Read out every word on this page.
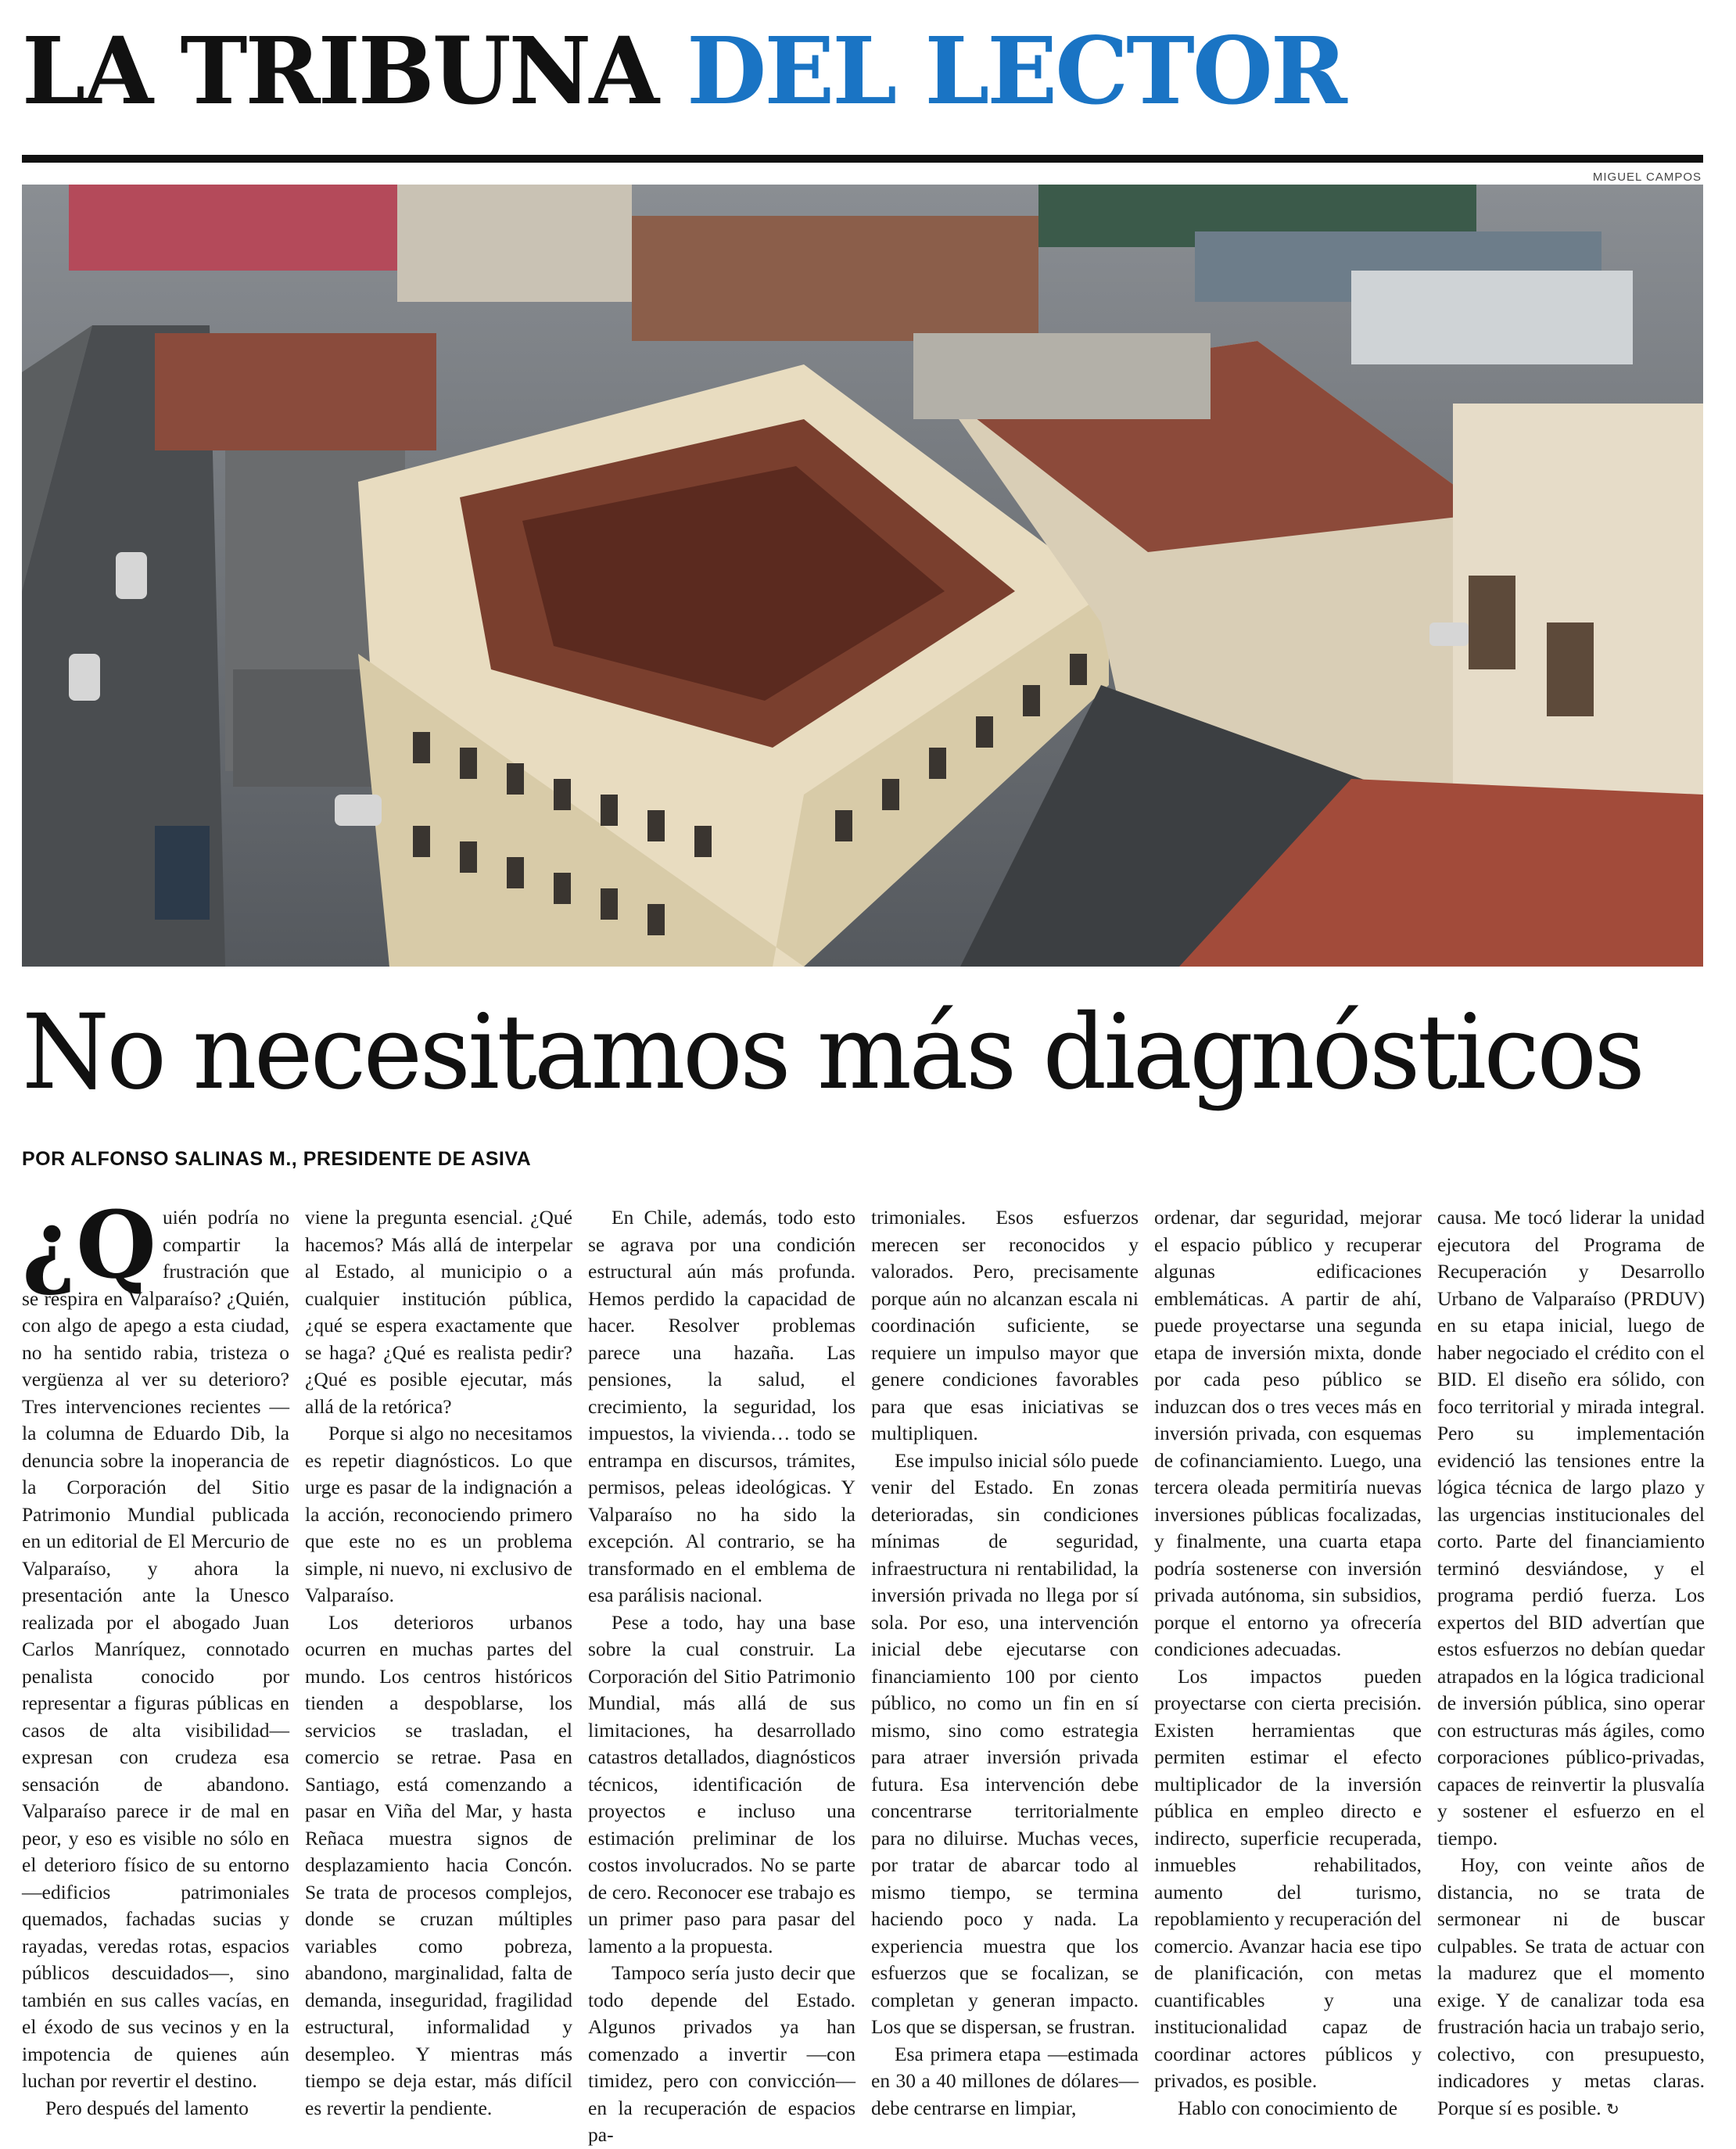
LA TRIBUNA DEL LECTOR
MIGUEL CAMPOS
No necesitamos más diagnósticos
POR ALFONSO SALINAS M., PRESIDENTE DE ASIVA

¿Q uién podría no compartir la frustración que se respira en Valparaíso? ¿Quién, con algo de apego a esta ciudad, no ha sentido rabia, tristeza o vergüenza al ver su deterioro? Tres intervenciones recientes —la columna de Eduardo Dib, la denuncia sobre la inoperancia de la Corporación del Sitio Patrimonio Mundial publicada en un editorial de El Mercurio de Valparaíso, y ahora la presentación ante la Unesco realizada por el abogado Juan Carlos Manríquez, connotado penalista conocido por representar a figuras públicas en casos de alta visibilidad— expresan con crudeza esa sensación de abandono. Valparaíso parece ir de mal en peor, y eso es visible no sólo en el deterioro físico de su entorno —edificios patrimoniales quemados, fachadas sucias y rayadas, veredas rotas, espacios públicos descuidados—, sino también en sus calles vacías, en el éxodo de sus vecinos y en la impotencia de quienes aún luchan por revertir el destino.

Pero después del lamento

viene la pregunta esencial. ¿Qué hacemos? Más allá de interpelar al Estado, al municipio o a cualquier institución pública, ¿qué se espera exactamente que se haga? ¿Qué es realista pedir? ¿Qué es posible ejecutar, más allá de la retórica?

Porque si algo no necesitamos es repetir diagnósticos. Lo que urge es pasar de la indignación a la acción, reconociendo primero que este no es un problema simple, ni nuevo, ni exclusivo de Valparaíso.

Los deterioros urbanos ocurren en muchas partes del mundo. Los centros históricos tienden a despoblarse, los servicios se trasladan, el comercio se retrae. Pasa en Santiago, está comenzando a pasar en Viña del Mar, y hasta Reñaca muestra signos de desplazamiento hacia Concón. Se trata de procesos complejos, donde se cruzan múltiples variables como pobreza, abandono, marginalidad, falta de demanda, inseguridad, fragilidad estructural, informalidad y desempleo. Y mientras más tiempo se deja estar, más difícil es revertir la pendiente.

En Chile, además, todo esto se agrava por una condición estructural aún más profunda. Hemos perdido la capacidad de hacer. Resolver problemas parece una hazaña. Las pensiones, la salud, el crecimiento, la seguridad, los impuestos, la vivienda… todo se entrampa en discursos, trámites, permisos, peleas ideológicas. Y Valparaíso no ha sido la excepción. Al contrario, se ha transformado en el emblema de esa parálisis nacional.

Pese a todo, hay una base sobre la cual construir. La Corporación del Sitio Patrimonio Mundial, más allá de sus limitaciones, ha desarrollado catastros detallados, diagnósticos técnicos, identificación de proyectos e incluso una estimación preliminar de los costos involucrados. No se parte de cero. Reconocer ese trabajo es un primer paso para pasar del lamento a la propuesta.

Tampoco sería justo decir que todo depende del Estado. Algunos privados ya han comenzado a invertir —con timidez, pero con convicción— en la recuperación de espacios pa-

trimoniales. Esos esfuerzos merecen ser reconocidos y valorados. Pero, precisamente porque aún no alcanzan escala ni coordinación suficiente, se requiere un impulso mayor que genere condiciones favorables para que esas iniciativas se multipliquen.

Ese impulso inicial sólo puede venir del Estado. En zonas deterioradas, sin condiciones mínimas de seguridad, infraestructura ni rentabilidad, la inversión privada no llega por sí sola. Por eso, una intervención inicial debe ejecutarse con financiamiento 100 por ciento público, no como un fin en sí mismo, sino como estrategia para atraer inversión privada futura. Esa intervención debe concentrarse territorialmente para no diluirse. Muchas veces, por tratar de abarcar todo al mismo tiempo, se termina haciendo poco y nada. La experiencia muestra que los esfuerzos que se focalizan, se completan y generan impacto. Los que se dispersan, se frustran.

Esa primera etapa —estimada en 30 a 40 millones de dólares— debe centrarse en limpiar,

ordenar, dar seguridad, mejorar el espacio público y recuperar algunas edificaciones emblemáticas. A partir de ahí, puede proyectarse una segunda etapa de inversión mixta, donde por cada peso público se induzcan dos o tres veces más en inversión privada, con esquemas de cofinanciamiento. Luego, una tercera oleada permitiría nuevas inversiones públicas focalizadas, y finalmente, una cuarta etapa podría sostenerse con inversión privada autónoma, sin subsidios, porque el entorno ya ofrecería condiciones adecuadas.

Los impactos pueden proyectarse con cierta precisión. Existen herramientas que permiten estimar el efecto multiplicador de la inversión pública en empleo directo e indirecto, superficie recuperada, inmuebles rehabilitados, aumento del turismo, repoblamiento y recuperación del comercio. Avanzar hacia ese tipo de planificación, con metas cuantificables y una institucionalidad capaz de coordinar actores públicos y privados, es posible.

Hablo con conocimiento de

causa. Me tocó liderar la unidad ejecutora del Programa de Recuperación y Desarrollo Urbano de Valparaíso (PRDUV) en su etapa inicial, luego de haber negociado el crédito con el BID. El diseño era sólido, con foco territorial y mirada integral. Pero su implementación evidenció las tensiones entre la lógica técnica de largo plazo y las urgencias institucionales del corto. Parte del financiamiento terminó desviándose, y el programa perdió fuerza. Los expertos del BID advertían que estos esfuerzos no debían quedar atrapados en la lógica tradicional de inversión pública, sino operar con estructuras más ágiles, como corporaciones público-privadas, capaces de reinvertir la plusvalía y sostener el esfuerzo en el tiempo.

Hoy, con veinte años de distancia, no se trata de sermonear ni de buscar culpables. Se trata de actuar con la madurez que el momento exige. Y de canalizar toda esa frustración hacia un trabajo serio, colectivo, con presupuesto, indicadores y metas claras. Porque sí es posible. ↻
